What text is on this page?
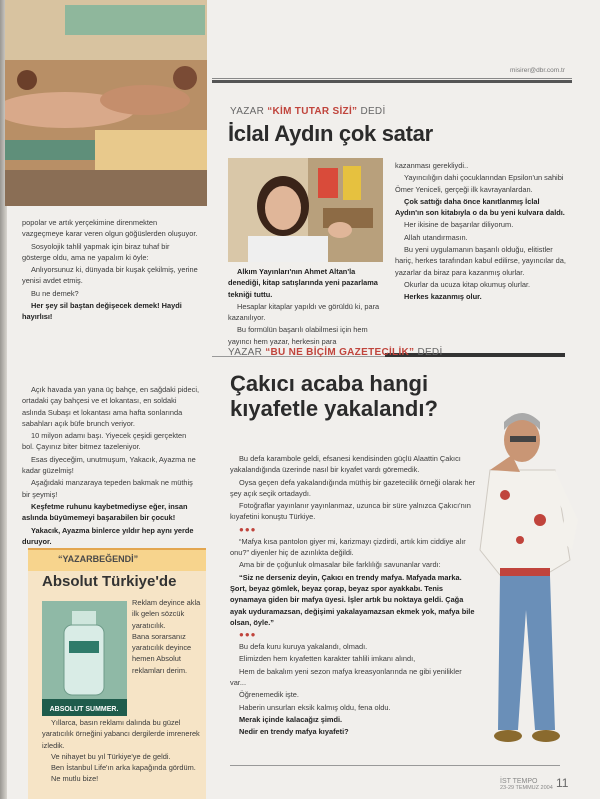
popolar ve artık yerçekimine direnmekten vazgeçmeye karar veren olgun göğüslerden oluşuyor.

Sosyolojik tahlil yapmak için biraz tuhaf bir gösterge oldu, ama ne yapalım ki öyle:

Anlıyorsunuz ki, dünyada bir kuşak çekilmiş, yerine yenisi avdet etmiş.

Bu ne demek?

Her şey sil baştan değişecek demek! Haydi hayırlısı!

Açık havada yan yana üç bahçe, en sağdaki pideci, ortadaki çay bahçesi ve et lokantası, en soldaki aslında Subaşı et lokantası ama hafta sonlarında sabahları açık büfe brunch veriyor.

10 milyon adamı başı. Yiyecek çeşidi gerçekten bol. Çayınız biter bitmez tazeleniyor.

Esas diyeceğim, unutmuşum, Yakacık, Ayazma ne kadar güzelmiş!

Aşağıdaki manzaraya tepeden bakmak ne müthiş bir şeymiş!

Keşfetme ruhunu kaybetmediyse eğer, insan aslında büyümemeyi başarabilen bir çocuk!

Yakacık, Ayazma binlerce yıldır hep aynı yerde duruyor.

“YAZARBEĞENDİ”
Absolut Türkiye'de
ABSOLUT SUMMER.

Reklam deyince akla ilk gelen sözcük yaratıcılık.

Bana sorarsanız yaratıcılık deyince hemen Absolut reklamları derim.

Yıllarca, basın reklamı dalında bu güzel yaratıcılık örneğini yabancı dergilerde imrenerek izledik.

Ve nihayet bu yıl Türkiye'ye de geldi.

Ben İstanbul Life'ın arka kapağında gördüm.

Ne mutlu bize!

misirer@dbr.com.tr
YAZAR “KİM TUTAR SİZİ” DEDİ
İclal Aydın çok satar

Alkım Yayınları'nın Ahmet Altan'la denediği, kitap satışlarında yeni pazarlama tekniği tuttu.

Hesaplar kitaplar yapıldı ve görüldü ki, para kazanılıyor.

Bu formülün başarılı olabilmesi için hem yayıncı hem yazar, herkesin para

kazanması gerekliydi..

Yayıncılığın dahi çocuklarından Epsilon'un sahibi Ömer Yeniceli, gerçeği ilk kavrayanlardan.

Çok sattığı daha önce kanıtlanmış İclal Aydın'ın son kitabıyla o da bu yeni kulvara daldı.

Her ikisine de başarılar diliyorum.

Allah utandırmasın.

Bu yeni uygulamanın başarılı olduğu, elitistler hariç, herkes tarafından kabul edilirse, yayıncılar da, yazarlar da biraz para kazanmış olurlar.

Okurlar da ucuza kitap okumuş olurlar.

Herkes kazanmış olur.

YAZAR “BU NE BİÇİM GAZETECİLİK” DEDİ
Çakıcı acaba hangi kıyafetle yakalandı?

Bu defa karambole geldi, efsanesi kendisinden güçlü Alaattin Çakıcı yakalandığında üzerinde nasıl bir kıyafet vardı göremedik.

Oysa geçen defa yakalandığında müthiş bir gazetecilik örneği olarak her şey açık seçik ortadaydı.

Fotoğraflar yayınlanır yayınlanmaz, uzunca bir süre yalnızca Çakıcı'nın kıyafetini konuştu Türkiye.

●●●

“Mafya kısa pantolon giyer mi, karizmayı çizdirdi, artık kim ciddiye alır onu?” diyenler hiç de azınlıkta değildi.

Ama bir de çoğunluk olmasalar bile farklılığı savunanlar vardı:

“Siz ne derseniz deyin, Çakıcı en trendy mafya. Mafyada marka. Şort, beyaz gömlek, beyaz çorap, beyaz spor ayakkabı. Tenis oynamaya giden bir mafya üyesi. İşler artık bu noktaya geldi. Çağa ayak uyduramazsan, değişimi yakalayamazsan ekmek yok, mafya bile olsan, öyle.”

●●●

Bu defa kuru kuruya yakalandı, olmadı.

Elimizden hem kıyafetten karakter tahlili imkanı alındı,

Hem de bakalım yeni sezon mafya kreasyonlarında ne gibi yenilikler var...

Öğrenemedik işte.

Haberin unsurları eksik kalmış oldu, fena oldu.

Merak içinde kalacağız şimdi.

Nedir en trendy mafya kıyafeti?

İST TEMPO
23-29 TEMMUZ 2004 11
